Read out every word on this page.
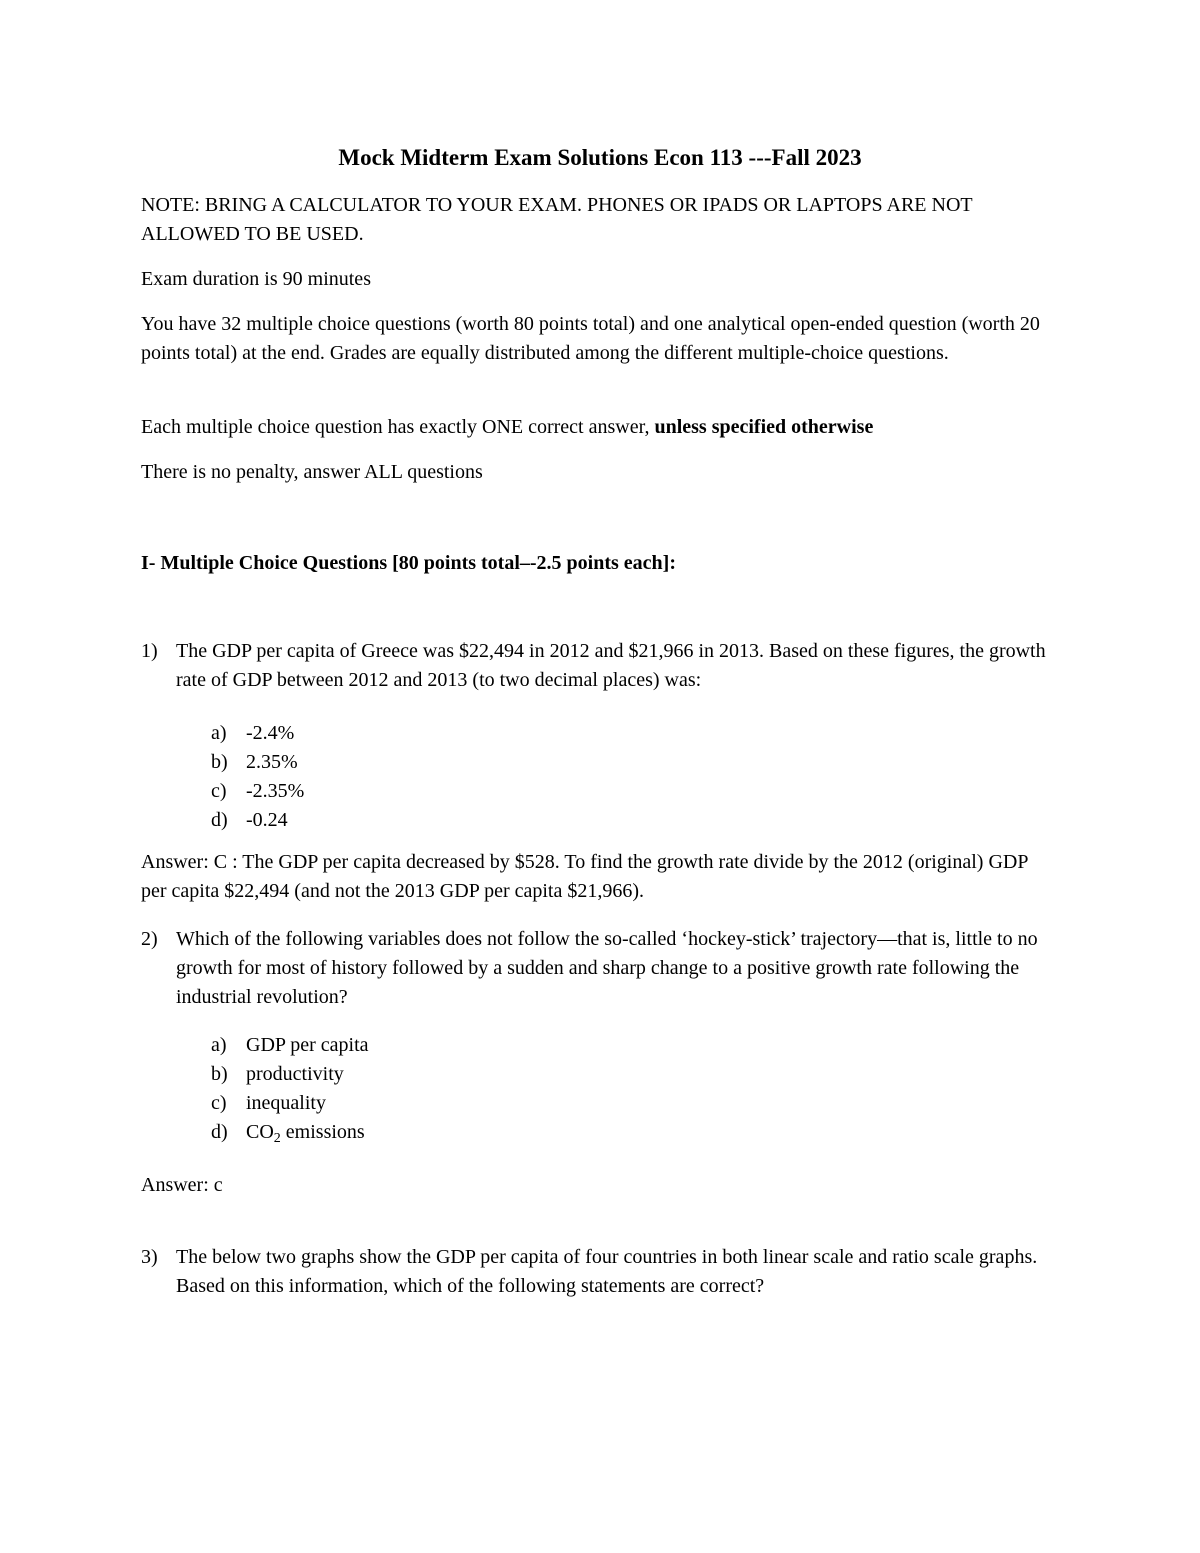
Mock Midterm Exam Solutions Econ 113 ---Fall 2023

NOTE: BRING A CALCULATOR TO YOUR EXAM. PHONES OR IPADS OR LAPTOPS ARE NOT ALLOWED TO BE USED.

Exam duration is 90 minutes

You have 32 multiple choice questions (worth 80 points total) and one analytical open-ended question (worth 20 points total) at the end. Grades are equally distributed among the different multiple-choice questions.

Each multiple choice question has exactly ONE correct answer, unless specified otherwise

There is no penalty, answer ALL questions

I- Multiple Choice Questions [80 points total–-2.5 points each]:

1) The GDP per capita of Greece was $22,494 in 2012 and $21,966 in 2013. Based on these figures, the growth rate of GDP between 2012 and 2013 (to two decimal places) was:
a) -2.4%
b) 2.35%
c) -2.35%
d) -0.24

Answer: C : The GDP per capita decreased by $528. To find the growth rate divide by the 2012 (original) GDP per capita $22,494 (and not the 2013 GDP per capita $21,966).

2) Which of the following variables does not follow the so-called ‘hockey-stick’ trajectory—that is, little to no growth for most of history followed by a sudden and sharp change to a positive growth rate following the industrial revolution?
a) GDP per capita
b) productivity
c) inequality
d) $CO_2$ emissions

Answer: c

3) The below two graphs show the GDP per capita of four countries in both linear scale and ratio scale graphs. Based on this information, which of the following statements are correct?
